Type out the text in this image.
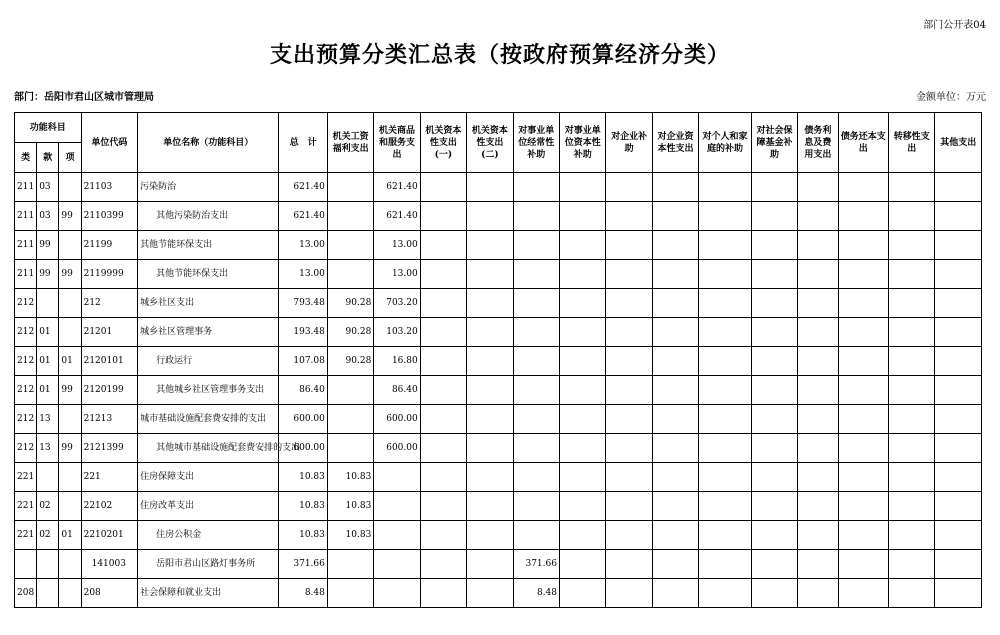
部门公开表04
支出预算分类汇总表（按政府预算经济分类）
部门：岳阳市君山区城市管理局	金额单位：万元
功能科目			单位代码	单位名称（功能科目）	总　计	机关工资福利支出	机关商品和服务支出	机关资本性支出(一)	机关资本性支出(二)	对事业单位经常性补助	对事业单位资本性补助	对企业补助	对企业资本性支出	对个人和家庭的补助	对社会保障基金补助	债务利息及费用支出	债务还本支出	转移性支出	其他支出
类	款	项																	
211	03		21103	污染防治	621.40		621.40												
211	03	99	2110399	其他污染防治支出	621.40		621.40												
211	99		21199	其他节能环保支出	13.00		13.00												
211	99	99	2119999	其他节能环保支出	13.00		13.00												
212			212	城乡社区支出	793.48	90.28	703.20												
212	01		21201	城乡社区管理事务	193.48	90.28	103.20												
212	01	01	2120101	行政运行	107.08	90.28	16.80												
212	01	99	2120199	其他城乡社区管理事务支出	86.40		86.40												
212	13		21213	城市基础设施配套费安排的支出	600.00		600.00												
212	13	99	2121399	其他城市基础设施配套费安排的支出	600.00		600.00												
221			221	住房保障支出	10.83	10.83													
221	02		22102	住房改革支出	10.83	10.83													
221	02	01	2210201	住房公积金	10.83	10.83													
			141003	岳阳市君山区路灯事务所	371.66					371.66									
208			208	社会保障和就业支出	8.48					8.48									
